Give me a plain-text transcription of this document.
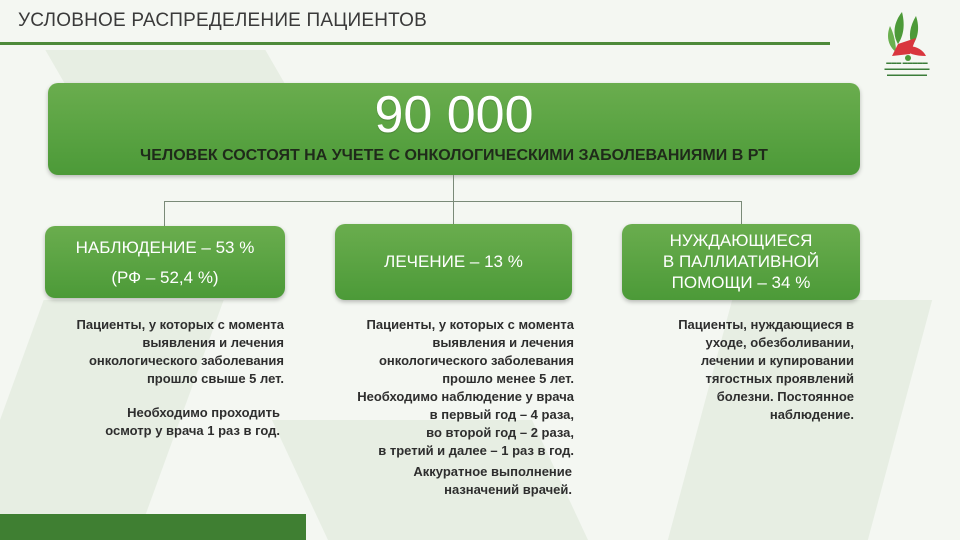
УСЛОВНОЕ РАСПРЕДЕЛЕНИЕ ПАЦИЕНТОВ
▬▬▬ ▬▬▬▬▬
▬▬▬▬▬▬▬▬▬
▬▬▬▬▬▬▬▬
90 000
ЧЕЛОВЕК СОСТОЯТ НА УЧЕТЕ С ОНКОЛОГИЧЕСКИМИ ЗАБОЛЕВАНИЯМИ В РТ
НАБЛЮДЕНИЕ – 53 %
(РФ – 52,4 %)
Пациенты, у которых с момента
выявления и лечения
онкологического заболевания
прошло свыше 5 лет.
Необходимо проходить
осмотр у врача 1 раз в год.
ЛЕЧЕНИЕ – 13 %
Пациенты, у которых с момента
выявления и лечения
онкологического заболевания
прошло менее 5 лет.
Необходимо наблюдение у врача
в первый год – 4 раза,
во второй год – 2 раза,
в третий и далее – 1 раз в год.
Аккуратное выполнение
назначений врачей.
НУЖДАЮЩИЕСЯ
В ПАЛЛИАТИВНОЙ
ПОМОЩИ – 34 %
Пациенты, нуждающиеся в
уходе, обезболивании,
лечении и купировании
тягостных проявлений
болезни. Постоянное
наблюдение.
